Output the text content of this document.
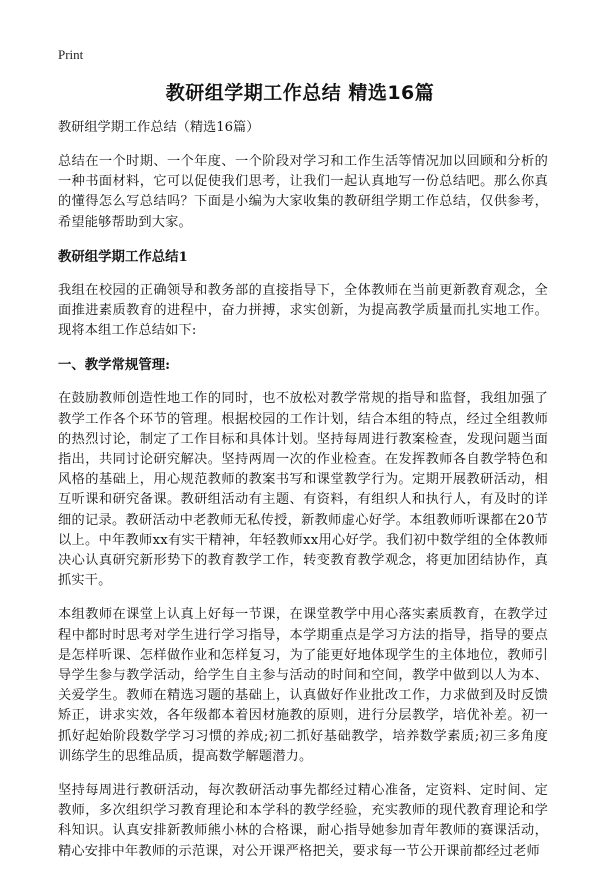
Print
教研组学期工作总结 精选16篇

教研组学期工作总结（精选16篇）

总结在一个时期、一个年度、一个阶段对学习和工作生活等情况加以回顾和分析的一种书面材料，它可以促使我们思考，让我们一起认真地写一份总结吧。那么你真的懂得怎么写总结吗？下面是小编为大家收集的教研组学期工作总结，仅供参考，希望能够帮助到大家。

教研组学期工作总结1

我组在校园的正确领导和教务部的直接指导下，全体教师在当前更新教育观念，全面推进素质教育的进程中，奋力拼搏，求实创新，为提高教学质量而扎实地工作。现将本组工作总结如下:

一、教学常规管理:

在鼓励教师创造性地工作的同时，也不放松对教学常规的指导和监督，我组加强了教学工作各个环节的管理。根据校园的工作计划，结合本组的特点，经过全组教师的热烈讨论，制定了工作目标和具体计划。坚持每周进行教案检查，发现问题当面指出，共同讨论研究解决。坚持两周一次的作业检查。在发挥教师各自教学特色和风格的基础上，用心规范教师的教案书写和课堂教学行为。定期开展教研活动，相互听课和研究备课。教研组活动有主题、有资料，有组织人和执行人，有及时的详细的记录。教研活动中老教师无私传授，新教师虚心好学。本组教师听课都在20节以上。中年教师xx有实干精神，年轻教师xx用心好学。我们初中数学组的全体教师决心认真研究新形势下的教育教学工作，转变教育教学观念，将更加团结协作，真抓实干。

本组教师在课堂上认真上好每一节课，在课堂教学中用心落实素质教育，在教学过程中都时时思考对学生进行学习指导，本学期重点是学习方法的指导，指导的要点是怎样听课、怎样做作业和怎样复习，为了能更好地体现学生的主体地位，教师引导学生参与教学活动，给学生自主参与活动的时间和空间，教学中做到以人为本、关爱学生。教师在精选习题的基础上，认真做好作业批改工作，力求做到及时反馈矫正，讲求实效，各年级都本着因材施教的原则，进行分层教学，培优补差。初一抓好起始阶段数学学习习惯的养成;初二抓好基础教学，培养数学素质;初三多角度训练学生的思维品质，提高数学解题潜力。

坚持每周进行教研活动，每次教研活动事先都经过精心准备，定资料、定时间、定教师，多次组织学习教育理论和本学科的教学经验，充实教师的现代教育理论和学科知识。认真安排新教师熊小林的合格课，耐心指导她参加青年教师的赛课活动，精心安排中年教师的示范课，对公开课严格把关，要求每一节公开课前都经过老师
